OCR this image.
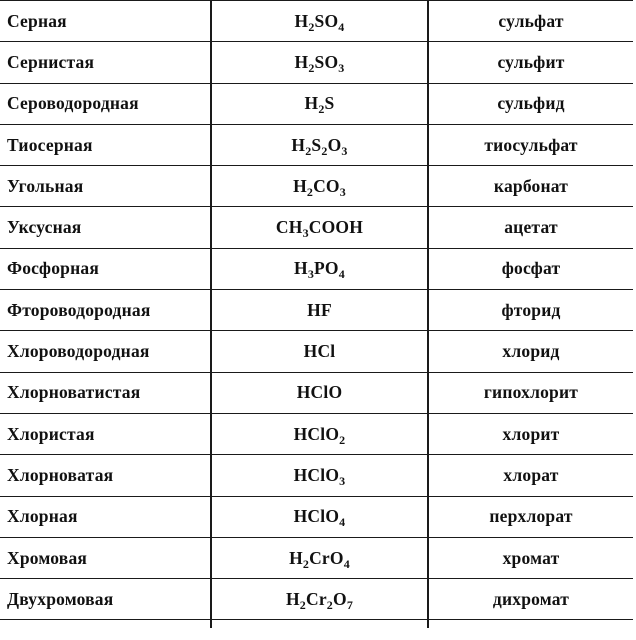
Серная	$H_2SO_4$	сульфат
Сернистая	$H_2SO_3$	сульфит
Сероводородная	$H_2S$	сульфид
Тиосерная	$H_2S_2O_3$	тиосульфат
Угольная	$H_2CO_3$	карбонат
Уксусная	$CH_3COOH$	ацетат
Фосфорная	$H_3PO_4$	фосфат
Фтороводородная	HF	фторид
Хлороводородная	HCl	хлорид
Хлорноватистая	HClO	гипохлорит
Хлористая	HClO$_2$	хлорит
Хлорноватая	HClO$_3$	хлорат
Хлорная	HClO$_4$	перхлорат
Хромовая	$H_2CrO_4$	хромат
Двухромовая	$H_2Cr_2O_7$	дихромат
